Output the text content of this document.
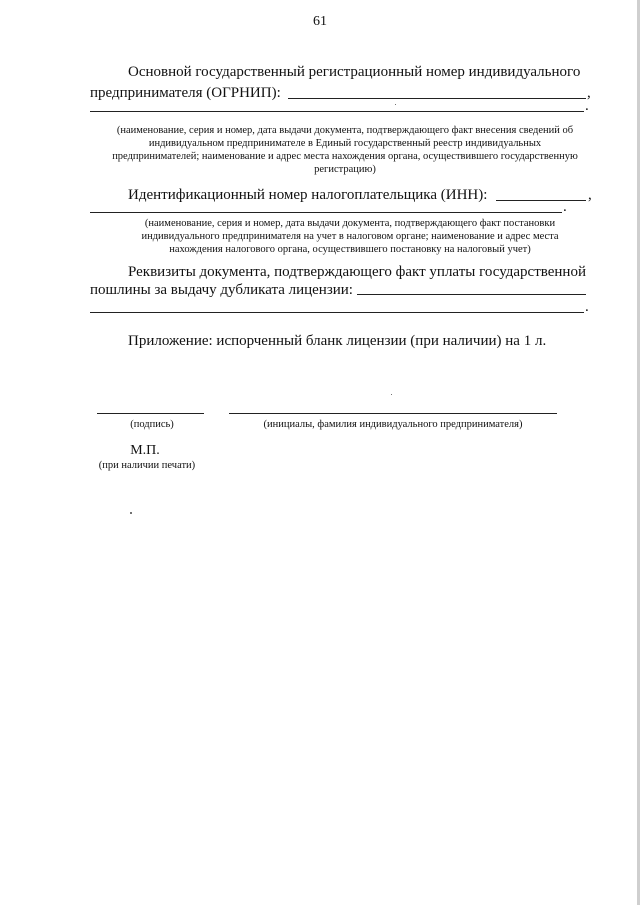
61
Основной государственный регистрационный номер индивидуального
предпринимателя (ОГРНИП):	,
.
(наименование, серия и номер, дата выдачи документа, подтверждающего факт внесения сведений об индивидуальном предпринимателе в Единый государственный реестр индивидуальных предпринимателей; наименование и адрес места нахождения органа, осуществившего государственную регистрацию)
Идентификационный номер налогоплательщика (ИНН):	,
.
(наименование, серия и номер, дата выдачи документа, подтверждающего факт постановки индивидуального предпринимателя на учет в налоговом органе; наименование и адрес места нахождения налогового органа, осуществившего постановку на налоговый учет)
Реквизиты документа, подтверждающего факт уплаты государственной
пошлины за выдачу дубликата лицензии:
.
Приложение: испорченный бланк лицензии (при наличии) на 1 л.
(подпись)	(инициалы, фамилия индивидуального предпринимателя)
М.П.
(при наличии печати)
